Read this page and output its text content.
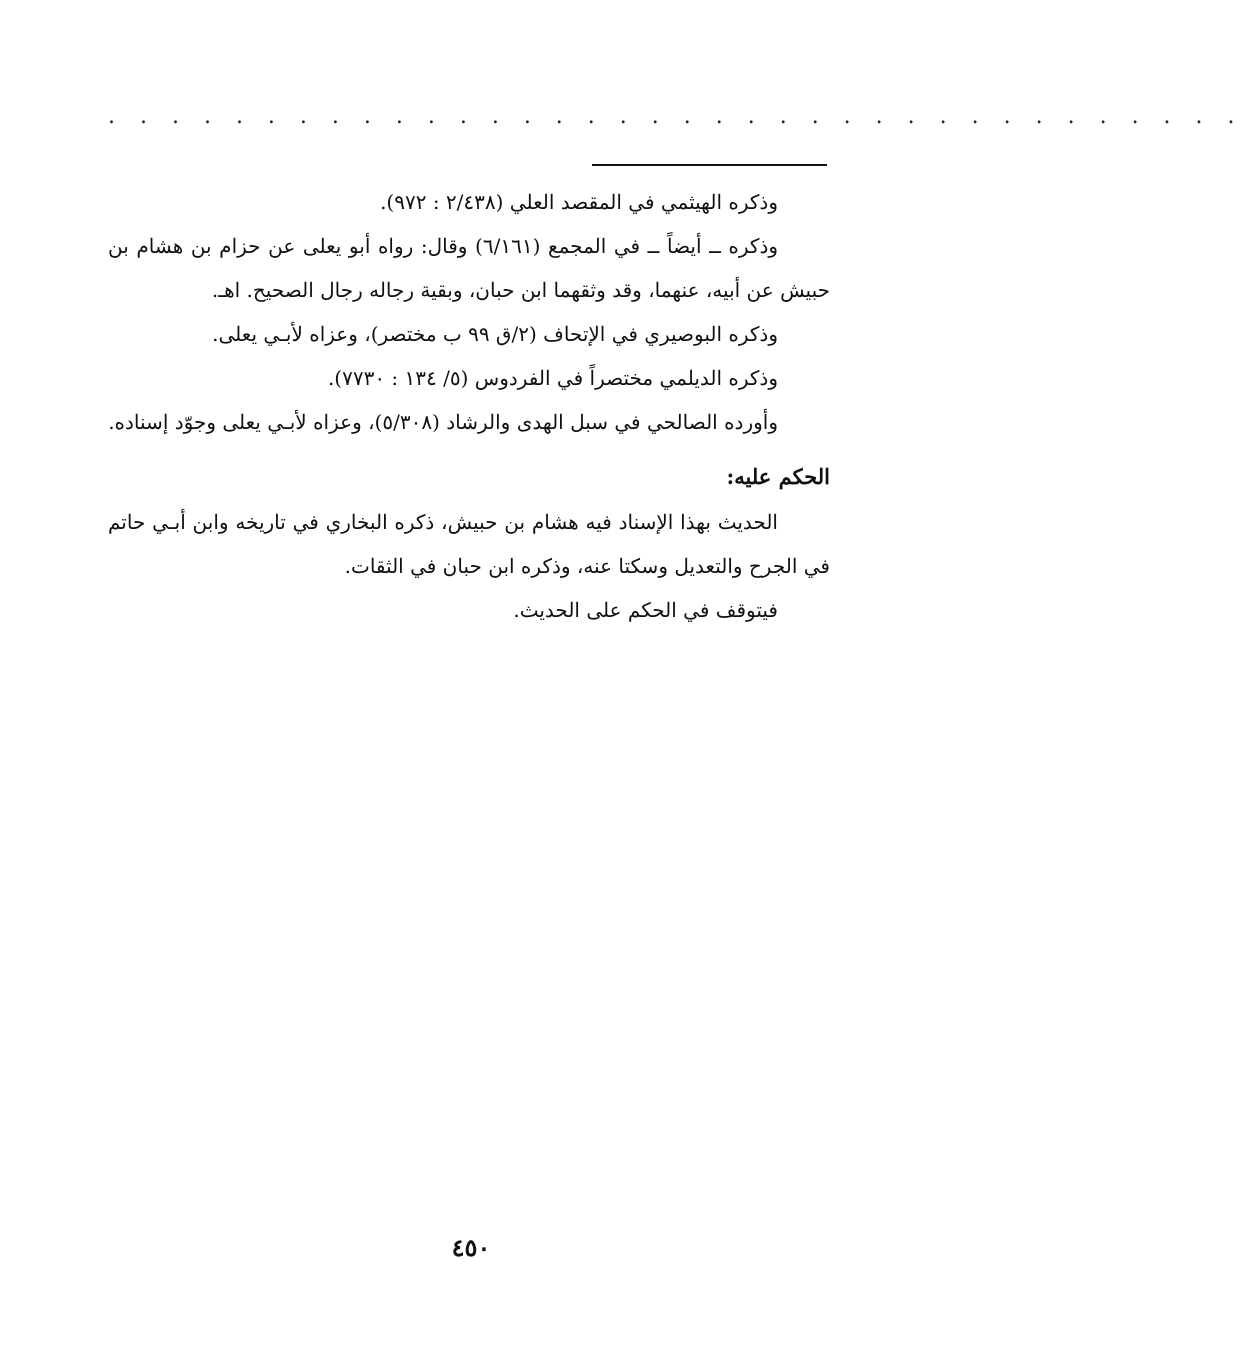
. . . . . . . . . . . . . . . . . . . . . . . . . . . . . . . . . . . .

وذكره الهيثمي في المقصد العلي (٢/٤٣٨ : ٩٧٢).

وذكره ــ أيضاً ــ في المجمع (٦/١٦١) وقال: رواه أبو يعلى عن حزام بن هشام بن حبيش عن أبيه، عنهما، وقد وثقهما ابن حبان، وبقية رجاله رجال الصحيح. اهـ.

وذكره البوصيري في الإتحاف (٢/ق ٩٩ ب مختصر)، وعزاه لأبـي يعلى.

وذكره الديلمي مختصراً في الفردوس (٥/ ١٣٤ : ٧٧٣٠).

وأورده الصالحي في سبل الهدى والرشاد (٥/٣٠٨)، وعزاه لأبـي يعلى وجوّد إسناده.

الحكم عليه:

الحديث بهذا الإسناد فيه هشام بن حبيش، ذكره البخاري في تاريخه وابن أبـي حاتم في الجرح والتعديل وسكتا عنه، وذكره ابن حبان في الثقات.

فيتوقف في الحكم على الحديث.

٤٥٠
